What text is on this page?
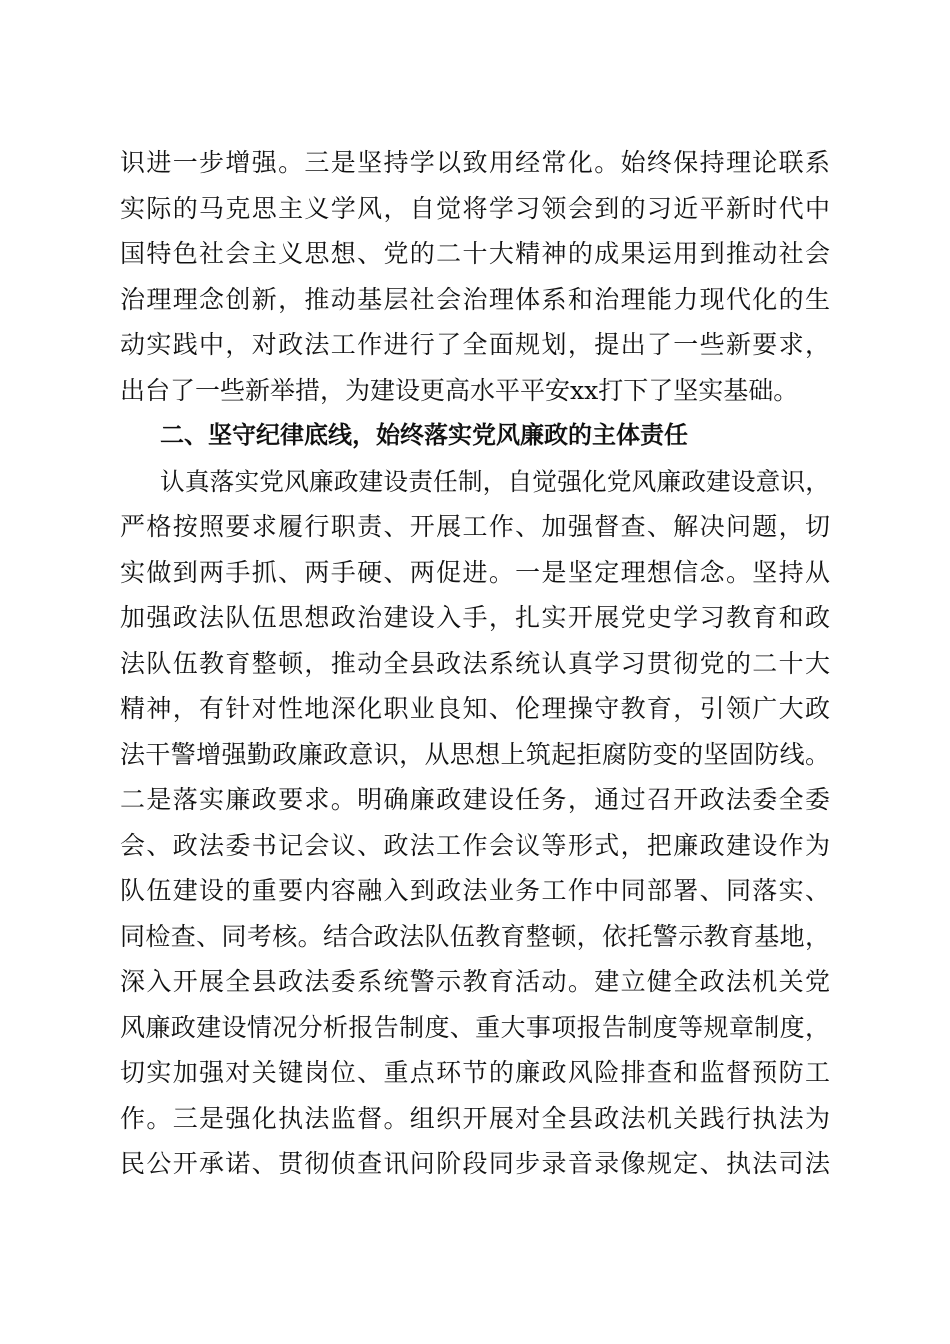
识进一步增强。三是坚持学以致用经常化。始终保持理论联系
实际的马克思主义学风，自觉将学习领会到的习近平新时代中
国特色社会主义思想、党的二十大精神的成果运用到推动社会
治理理念创新，推动基层社会治理体系和治理能力现代化的生
动实践中，对政法工作进行了全面规划，提出了一些新要求，
出台了一些新举措，为建设更高水平平安xx打下了坚实基础。
二、坚守纪律底线，始终落实党风廉政的主体责任
认真落实党风廉政建设责任制，自觉强化党风廉政建设意识，
严格按照要求履行职责、开展工作、加强督查、解决问题，切
实做到两手抓、两手硬、两促进。一是坚定理想信念。坚持从
加强政法队伍思想政治建设入手，扎实开展党史学习教育和政
法队伍教育整顿，推动全县政法系统认真学习贯彻党的二十大
精神，有针对性地深化职业良知、伦理操守教育，引领广大政
法干警增强勤政廉政意识，从思想上筑起拒腐防变的坚固防线。
二是落实廉政要求。明确廉政建设任务，通过召开政法委全委
会、政法委书记会议、政法工作会议等形式，把廉政建设作为
队伍建设的重要内容融入到政法业务工作中同部署、同落实、
同检查、同考核。结合政法队伍教育整顿，依托警示教育基地，
深入开展全县政法委系统警示教育活动。建立健全政法机关党
风廉政建设情况分析报告制度、重大事项报告制度等规章制度，
切实加强对关键岗位、重点环节的廉政风险排查和监督预防工
作。三是强化执法监督。组织开展对全县政法机关践行执法为
民公开承诺、贯彻侦查讯问阶段同步录音录像规定、执法司法
